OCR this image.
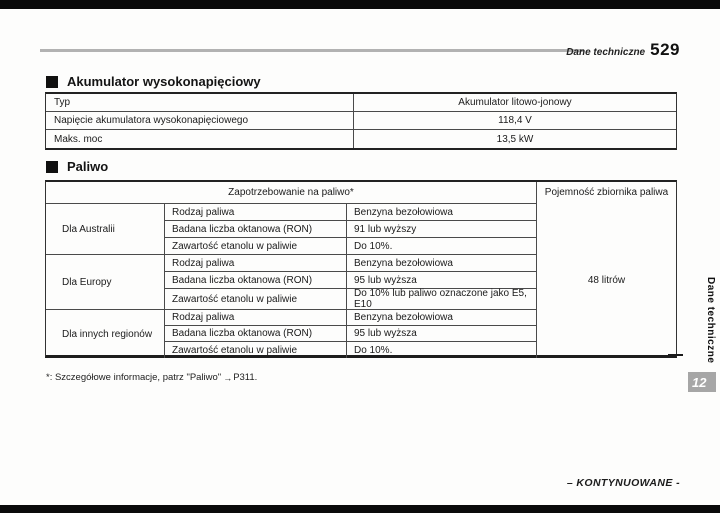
Dane techniczne 529
Akumulator wysokonapięciowy
Typ	Akumulator litowo-jonowy
Napięcie akumulatora wysokonapięciowego	118,4 V
Maks. moc	13,5 kW
Paliwo
Zapotrzebowanie na paliwo*	Pojemność zbiornika paliwa
48 litrów
Dla Australii
Rodzaj paliwa	Benzyna bezołowiowa
Badana liczba oktanowa (RON)	91 lub wyższy
Zawartość etanolu w paliwie	Do 10%.
Dla Europy
Rodzaj paliwa	Benzyna bezołowiowa
Badana liczba oktanowa (RON)	95 lub wyższa
Zawartość etanolu w paliwie	Do 10% lub paliwo oznaczone jako E5, E10
Dla innych regionów
Rodzaj paliwa	Benzyna bezołowiowa
Badana liczba oktanowa (RON)	95 lub wyższa
Zawartość etanolu w paliwie	Do 10%.
*: Szczegółowe informacje, patrz "Paliwo" → P311.
Dane techniczne
12
– KONTYNUOWANE -
